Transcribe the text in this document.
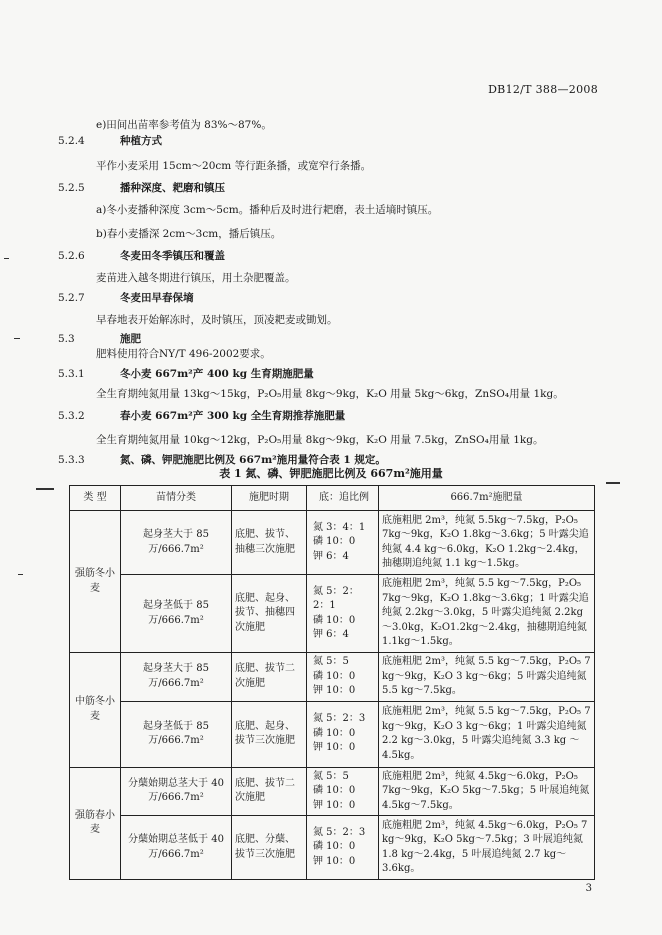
DB12/T 388—2008
e)田间出苗率参考值为 83%～87%。
5.2.4	种植方式
平作小麦采用 15cm～20cm 等行距条播，或宽窄行条播。
5.2.5	播种深度、耙磨和镇压
a)冬小麦播种深度 3cm～5cm。播种后及时进行耙磨，表土适墒时镇压。
b)春小麦播深 2cm～3cm，播后镇压。
5.2.6	冬麦田冬季镇压和覆盖
麦苗进入越冬期进行镇压，用土杂肥覆盖。
5.2.7	冬麦田早春保墒
早春地表开始解冻时，及时镇压，顶凌耙麦或锄划。
5.3	施肥
肥料使用符合NY/T 496-2002要求。
5.3.1	冬小麦 667m²产 400 kg 生育期施肥量
全生育期纯氮用量 13kg～15kg，P₂O₅用量 8kg～9kg，K₂O 用量 5kg～6kg，ZnSO₄用量 1kg。
5.3.2	春小麦 667m²产 300 kg 全生育期推荐施肥量
全生育期纯氮用量 10kg～12kg，P₂O₅用量 8kg～9kg，K₂O 用量 7.5kg，ZnSO₄用量 1kg。
5.3.3	氮、磷、钾肥施肥比例及 667m²施用量符合表 1 规定。
表 1 氮、磷、钾肥施肥比例及 667m²施用量
类 型	苗情分类	施肥时期	底：追比例	666.7m²施肥量
强筋冬小麦	起身茎大于 85 万/666.7m²	底肥、拔节、抽穗三次施肥	氮 3：4：1
磷 10：0
钾 6：4	底施粗肥 2m³，纯氮 5.5kg～7.5kg，P₂O₅ 7kg～9kg，K₂O 1.8kg～3.6kg；5 叶露尖追纯氮 4.4 kg～6.0kg，K₂O 1.2kg～2.4kg，抽穗期追纯氮 1.1 kg～1.5kg。
	起身茎低于 85 万/666.7m²	底肥、起身、拔节、抽穗四次施肥	氮 5：2：2：1
磷 10：0
钾 6：4	底施粗肥 2m³，纯氮 5.5 kg～7.5kg，P₂O₅ 7kg～9kg，K₂O 1.8kg～3.6kg；1 叶露尖追纯氮 2.2kg～3.0kg，5 叶露尖追纯氮 2.2kg～3.0kg，K₂O1.2kg～2.4kg，抽穗期追纯氮 1.1kg～1.5kg。
中筋冬小麦	起身茎大于 85 万/666.7m²	底肥、拔节二次施肥	氮 5：5
磷 10：0
钾 10：0	底施粗肥 2m³，纯氮 5.5 kg～7.5kg，P₂O₅ 7 kg～9kg，K₂O 3 kg～6kg；5 叶露尖追纯氮 5.5 kg～7.5kg。
	起身茎低于 85 万/666.7m²	底肥、起身、拔节三次施肥	氮 5：2：3
磷 10：0
钾 10：0	底施粗肥 2m³，纯氮 5.5 kg～7.5kg，P₂O₅ 7 kg～9kg，K₂O 3 kg～6kg；1 叶露尖追纯氮 2.2 kg～3.0kg，5 叶露尖追纯氮 3.3 kg ～4.5kg。
强筋春小麦	分蘖始期总茎大于 40 万/666.7m²	底肥、拔节二次施肥	氮 5：5
磷 10：0
钾 10：0	底施粗肥 2m³，纯氮 4.5kg～6.0kg，P₂O₅ 7kg～9kg，K₂O 5kg～7.5kg；5 叶展追纯氮 4.5kg～7.5kg。
	分蘖始期总茎低于 40 万/666.7m²	底肥、分蘖、拔节三次施肥	氮 5：2：3
磷 10：0
钾 10：0	底施粗肥 2m³，纯氮 4.5kg～6.0kg，P₂O₅ 7 kg～9kg，K₂O 5kg～7.5kg；3 叶展追纯氮 1.8 kg～2.4kg，5 叶展追纯氮 2.7 kg～3.6kg。
3
